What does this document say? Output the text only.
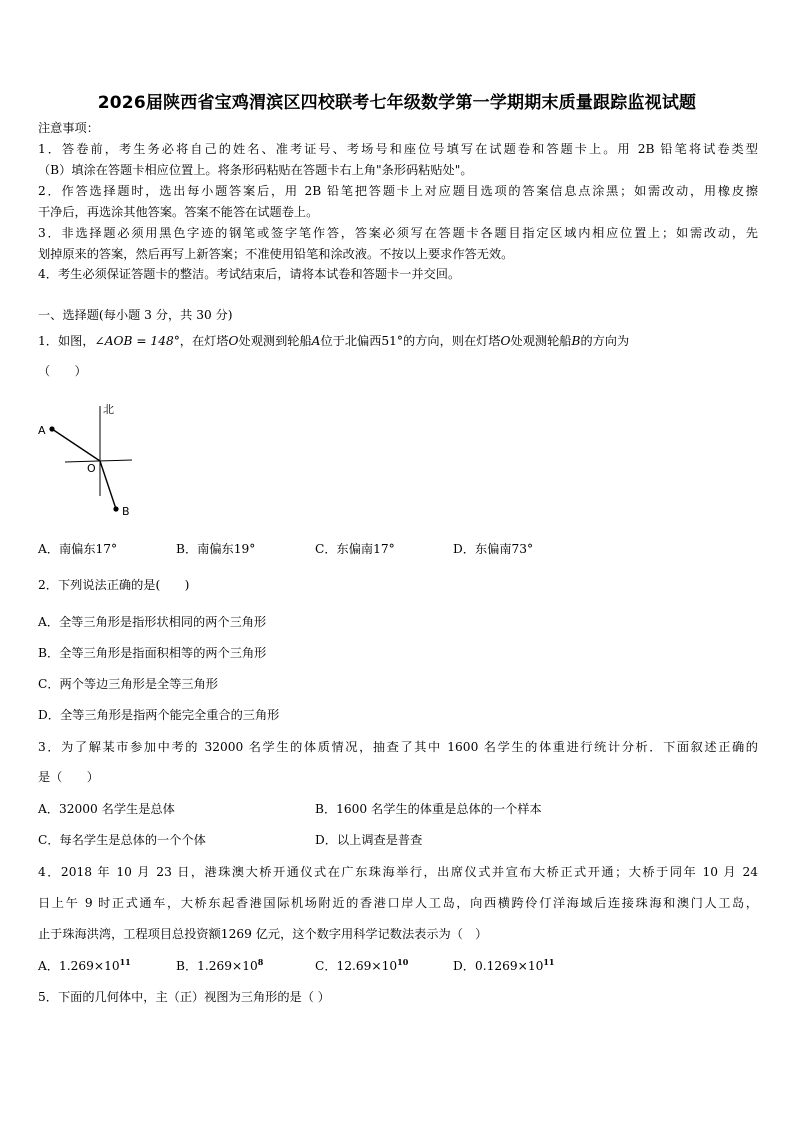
2026届陕西省宝鸡渭滨区四校联考七年级数学第一学期期末质量跟踪监视试题
注意事项：
1．答卷前，考生务必将自己的姓名、准考证号、考场号和座位号填写在试题卷和答题卡上。用 2B 铅笔将试卷类型
（B）填涂在答题卡相应位置上。将条形码粘贴在答题卡右上角"条形码粘贴处"。
2．作答选择题时，选出每小题答案后，用 2B 铅笔把答题卡上对应题目选项的答案信息点涂黑；如需改动，用橡皮擦
干净后，再选涂其他答案。答案不能答在试题卷上。
3．非选择题必须用黑色字迹的钢笔或签字笔作答，答案必须写在答题卡各题目指定区域内相应位置上；如需改动，先
划掉原来的答案，然后再写上新答案；不准使用铅笔和涂改液。不按以上要求作答无效。
4．考生必须保证答题卡的整洁。考试结束后，请将本试卷和答题卡一并交回。
一、选择题(每小题 3 分，共 30 分)
1．如图，∠AOB = 148°，在灯塔O处观测到轮船A位于北偏西51°的方向，则在灯塔O处观测轮船B的方向为
（　　）
北
A
O
B
A．南偏东17°	B．南偏东19°	C．东偏南17°	D．东偏南73°
2．下列说法正确的是(　　)
A．全等三角形是指形状相同的两个三角形
B．全等三角形是指面积相等的两个三角形
C．两个等边三角形是全等三角形
D．全等三角形是指两个能完全重合的三角形
3．为了解某市参加中考的 32000 名学生的体质情况，抽查了其中 1600 名学生的体重进行统计分析．下面叙述正确的
是（　　）
A．32000 名学生是总体	B．1600 名学生的体重是总体的一个样本
C．每名学生是总体的一个个体	D．以上调查是普查
4．2018 年 10 月 23 日，港珠澳大桥开通仪式在广东珠海举行，出席仪式并宣布大桥正式开通；大桥于同年 10 月 24
日上午 9 时正式通车，大桥东起香港国际机场附近的香港口岸人工岛，向西横跨伶仃洋海域后连接珠海和澳门人工岛，
止于珠海洪湾，工程项目总投资额1269 亿元，这个数字用科学记数法表示为（　）
A．$1.269\times 10^{11}$	B．$1.269\times 10^8$	C．$12.69\times 10^{10}$	D．$0.1269\times 10^{11}$
5．下面的几何体中，主（正）视图为三角形的是（ ）
